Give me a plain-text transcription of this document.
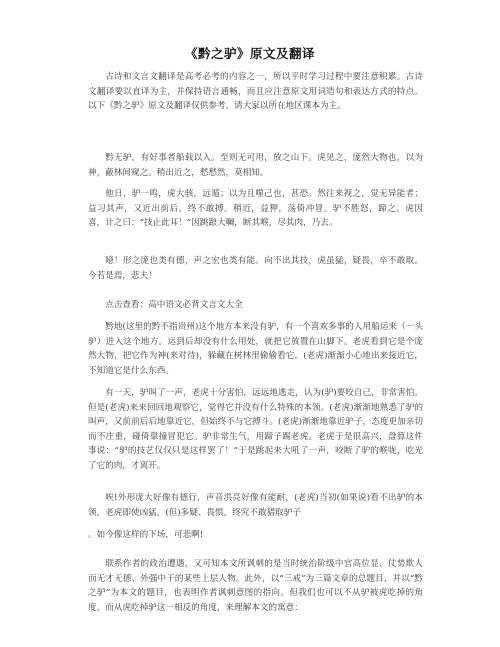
《黔之驴》原文及翻译

古诗和文言文翻译是高考必考的内容之一，所以平时学习过程中要注意积累。古诗文翻译要以直译为主，并保持语言通畅，而且应注意原文用词造句和表达方式的特点。以下《黔之驴》原文及翻译仅供参考，请大家以所在地区课本为主。

黔无驴，有好事者船载以入。至则无可用，放之山下。虎见之，庞然大物也，以为神，蔽林间窥之。稍出近之，慭慭然，莫相知。

他日，驴一鸣，虎大骇，远遁；以为且噬己也，甚恐。然往来视之，觉无异能者；益习其声，又近出前后，终不敢搏。稍近，益狎，荡倚冲冒。驴不胜怒，蹄之。虎因喜，计之曰：“技止此耳！”因跳踉大㘎，断其喉，尽其肉，乃去。

噫！形之庞也类有德，声之宏也类有能。向不出其技，虎虽猛，疑畏，卒不敢取。今若是焉，悲夫！

点击查看：高中语文必背文言文大全

黔地(这里的黔不指贵州)这个地方本来没有驴，有一个喜欢多事的人用船运来（一头驴）进入这个地方。运到后却没有什么用处，就把它放置在山脚下。老虎看到它是个庞然大物，把它作为神(来对待)，躲藏在树林里偷偷看它。(老虎)渐渐小心地出来接近它，不知道它是什么东西。

有一天，驴叫了一声，老虎十分害怕，远远地逃走，认为(驴)要咬自己，非常害怕。但是(老虎)来来回回地观察它，觉得它并没有什么特殊的本领。(老虎)渐渐地熟悉了驴的叫声，又前前后后地靠近它，但始终不与它搏斗。(老虎)渐渐地靠近驴子，态度更加亲切而不庄重，碰倚靠撞冒犯它。驴非常生气，用蹄子踢老虎。老虎于是很高兴，盘算这件事说：“驴的技艺仅仅只是这样罢了！”于是跳起来大吼了一声，咬断了驴的喉咙，吃光了它的肉，才离开。

唉!外形庞大好像有德行，声音洪亮好像有能耐，(老虎)当初(如果说)看不出驴的本领，老虎即使凶猛，(但)多疑、畏惧，终究不敢猎取驴子

。如今像这样的下场，可悲啊!

联系作者的政治遭遇，又可知本文所讽刺的是当时统治阶级中官高位显、仗势欺人而无才无德、外强中干的某些上层人物。此外，以“三戒”为三篇文章的总题目，并以“黔之驴”为本文的题目，也表明作者讽刺意图的指向。但我们也可以不从驴被虎吃掉的角度，而从虎吃掉驴这一相反的角度，来理解本文的寓意：
